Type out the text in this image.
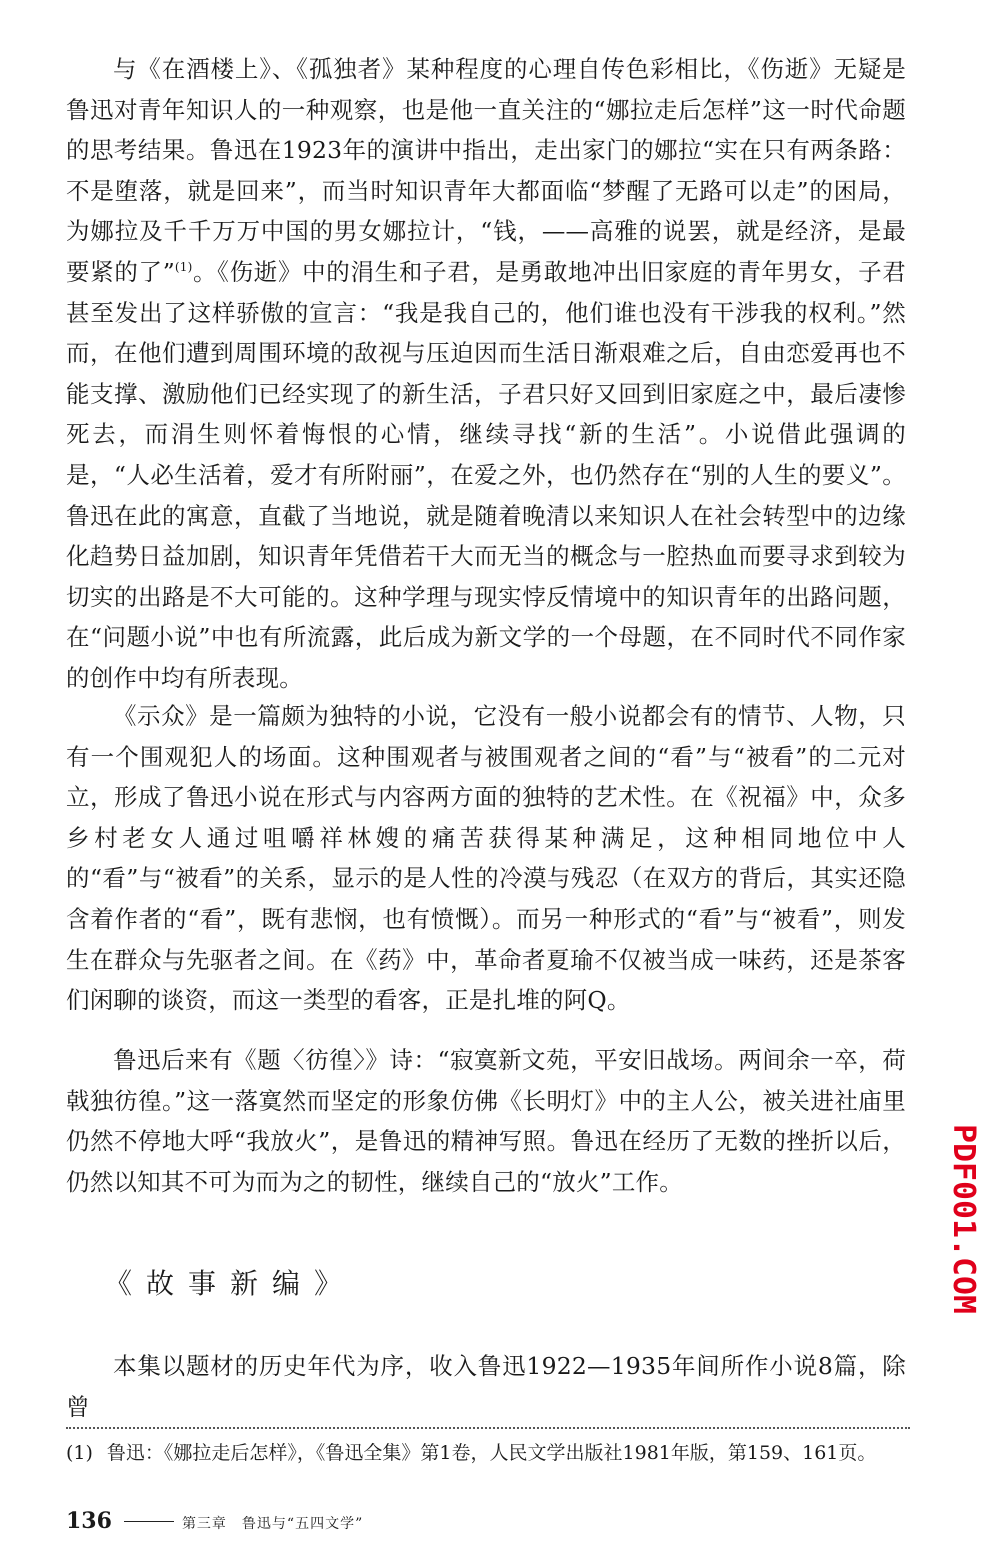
与《在酒楼上》、《孤独者》某种程度的心理自传色彩相比，《伤逝》无疑是鲁迅对青年知识人的一种观察，也是他一直关注的“娜拉走后怎样”这一时代命题的思考结果。鲁迅在1923年的演讲中指出，走出家门的娜拉“实在只有两条路：不是堕落，就是回来”，而当时知识青年大都面临“梦醒了无路可以走”的困局，为娜拉及千千万万中国的男女娜拉计，“钱，——高雅的说罢，就是经济，是最要紧的了”$^{(1)}$。《伤逝》中的涓生和子君，是勇敢地冲出旧家庭的青年男女，子君甚至发出了这样骄傲的宣言：“我是我自己的，他们谁也没有干涉我的权利。”然而，在他们遭到周围环境的敌视与压迫因而生活日渐艰难之后，自由恋爱再也不能支撑、激励他们已经实现了的新生活，子君只好又回到旧家庭之中，最后凄惨死去，而涓生则怀着悔恨的心情，继续寻找“新的生活”。小说借此强调的是，“人必生活着，爱才有所附丽”，在爱之外，也仍然存在“别的人生的要义”。鲁迅在此的寓意，直截了当地说，就是随着晚清以来知识人在社会转型中的边缘化趋势日益加剧，知识青年凭借若干大而无当的概念与一腔热血而要寻求到较为切实的出路是不大可能的。这种学理与现实悖反情境中的知识青年的出路问题，在“问题小说”中也有所流露，此后成为新文学的一个母题，在不同时代不同作家的创作中均有所表现。

《示众》是一篇颇为独特的小说，它没有一般小说都会有的情节、人物，只有一个围观犯人的场面。这种围观者与被围观者之间的“看”与“被看”的二元对立，形成了鲁迅小说在形式与内容两方面的独特的艺术性。在《祝福》中，众多乡村老女人通过咀嚼祥林嫂的痛苦获得某种满足，这种相同地位中人的“看”与“被看”的关系，显示的是人性的冷漠与残忍（在双方的背后，其实还隐含着作者的“看”，既有悲悯，也有愤慨）。而另一种形式的“看”与“被看”，则发生在群众与先驱者之间。在《药》中，革命者夏瑜不仅被当成一味药，还是茶客们闲聊的谈资，而这一类型的看客，正是扎堆的阿Q。

鲁迅后来有《题〈彷徨〉》诗：“寂寞新文苑，平安旧战场。两间余一卒，荷戟独彷徨。”这一落寞然而坚定的形象仿佛《长明灯》中的主人公，被关进社庙里仍然不停地大呼“我放火”，是鲁迅的精神写照。鲁迅在经历了无数的挫折以后，仍然以知其不可为而为之的韧性，继续自己的“放火”工作。

《故事新编》

本集以题材的历史年代为序，收入鲁迅1922—1935年间所作小说8篇，除曾

(1) 鲁迅：《娜拉走后怎样》，《鲁迅全集》第1卷，人民文学出版社1981年版，第159、161页。

136	第三章　鲁迅与“五四文学”
PDF001.COM
